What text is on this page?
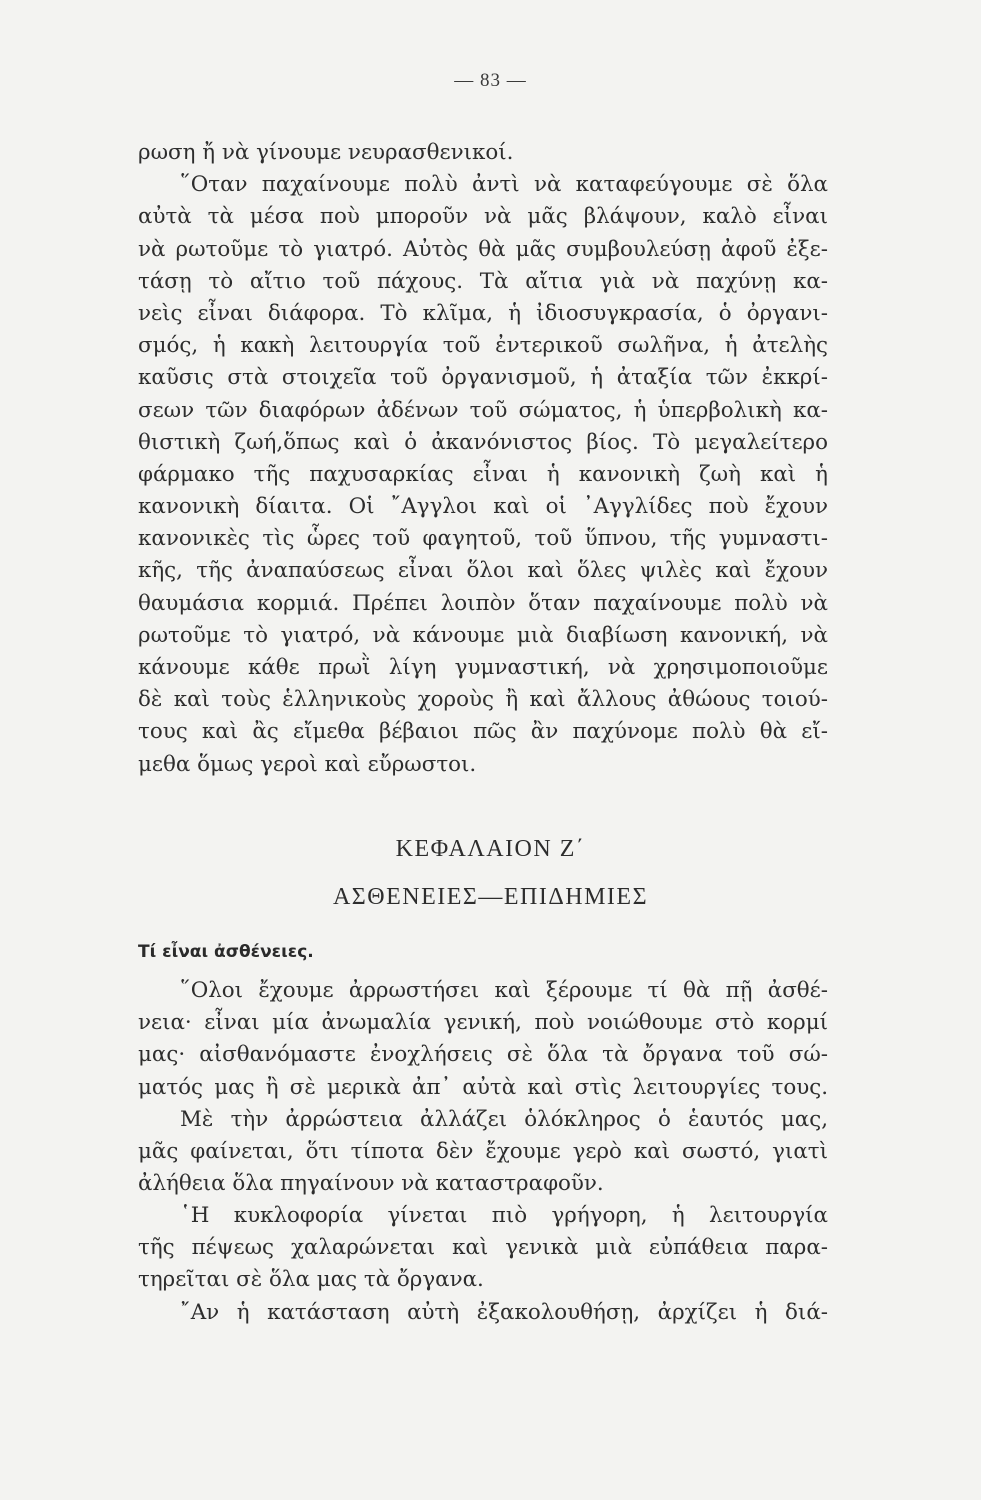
— 83 —
ρωση ἤ νὰ γίνουμε νευρασθενικοί.
῞Οταν παχαίνουμε πολὺ ἀντὶ νὰ καταφεύγουμε σὲ ὅλα
αὐτὰ τὰ μέσα ποὺ μποροῦν νὰ μᾶς βλάψουν, καλὸ εἶναι
νὰ ρωτοῦμε τὸ γιατρό. Αὐτὸς θὰ μᾶς συμβουλεύσῃ ἀφοῦ ἐξε-
τάσῃ τὸ αἴτιο τοῦ πάχους. Τὰ αἴτια γιὰ νὰ παχύνῃ κα-
νεὶς εἶναι διάφορα. Τὸ κλῖμα, ἡ ἰδιοσυγκρασία, ὁ ὀργανι-
σμός, ἡ κακὴ λειτουργία τοῦ ἐντερικοῦ σωλῆνα, ἡ ἀτελὴς
καῦσις στὰ στοιχεῖα τοῦ ὀργανισμοῦ, ἡ ἀταξία τῶν ἐκκρί-
σεων τῶν διαφόρων ἀδένων τοῦ σώματος, ἡ ὑπερβολικὴ κα-
θιστικὴ ζωή,ὅπως καὶ ὁ ἀκανόνιστος βίος. Τὸ μεγαλείτερο
φάρμακο τῆς παχυσαρκίας εἶναι ἡ κανονικὴ ζωὴ καὶ ἡ
κανονικὴ δίαιτα. Οἱ ῎Αγγλοι καὶ οἱ ᾿Αγγλίδες ποὺ ἔχουν
κανονικὲς τὶς ὧρες τοῦ φαγητοῦ, τοῦ ὕπνου, τῆς γυμναστι-
κῆς, τῆς ἀναπαύσεως εἶναι ὅλοι καὶ ὅλες ψιλὲς καὶ ἔχουν
θαυμάσια κορμιά. Πρέπει λοιπὸν ὅταν παχαίνουμε πολὺ νὰ
ρωτοῦμε τὸ γιατρό, νὰ κάνουμε μιὰ διαβίωση κανονική, νὰ
κάνουμε κάθε πρωῒ λίγη γυμναστική, νὰ χρησιμοποιοῦμε
δὲ καὶ τοὺς ἑλληνικοὺς χοροὺς ἢ καὶ ἄλλους ἀθώους τοιού-
τους καὶ ἂς εἴμεθα βέβαιοι πῶς ἂν παχύνομε πολὺ θὰ εἴ-
μεθα ὅμως γεροὶ καὶ εὔρωστοι.
ΚΕΦΑΛΑΙΟΝ Ζ΄
ΑΣΘΕΝΕΙΕΣ—ΕΠΙΔΗΜΙΕΣ
Τί εἶναι ἀσθένειες.
῞Ολοι ἔχουμε ἀρρωστήσει καὶ ξέρουμε τί θὰ πῇ ἀσθέ-
νεια· εἶναι μία ἀνωμαλία γενική, ποὺ νοιώθουμε στὸ κορμί
μας· αἰσθανόμαστε ἐνοχλήσεις σὲ ὅλα τὰ ὄργανα τοῦ σώ-
ματός μας ἢ σὲ μερικὰ ἀπ᾿ αὐτὰ καὶ στὶς λειτουργίες τους.
Μὲ τὴν ἀρρώστεια ἀλλάζει ὁλόκληρος ὁ ἑαυτός μας,
μᾶς φαίνεται, ὅτι τίποτα δὲν ἔχουμε γερὸ καὶ σωστό, γιατὶ
ἀλήθεια ὅλα πηγαίνουν νὰ καταστραφοῦν.
῾Η κυκλοφορία γίνεται πιὸ γρήγορη, ἡ λειτουργία
τῆς πέψεως χαλαρώνεται καὶ γενικὰ μιὰ εὐπάθεια παρα-
τηρεῖται σὲ ὅλα μας τὰ ὄργανα.
῎Αν ἡ κατάσταση αὐτὴ ἐξακολουθήσῃ, ἀρχίζει ἡ διά-
